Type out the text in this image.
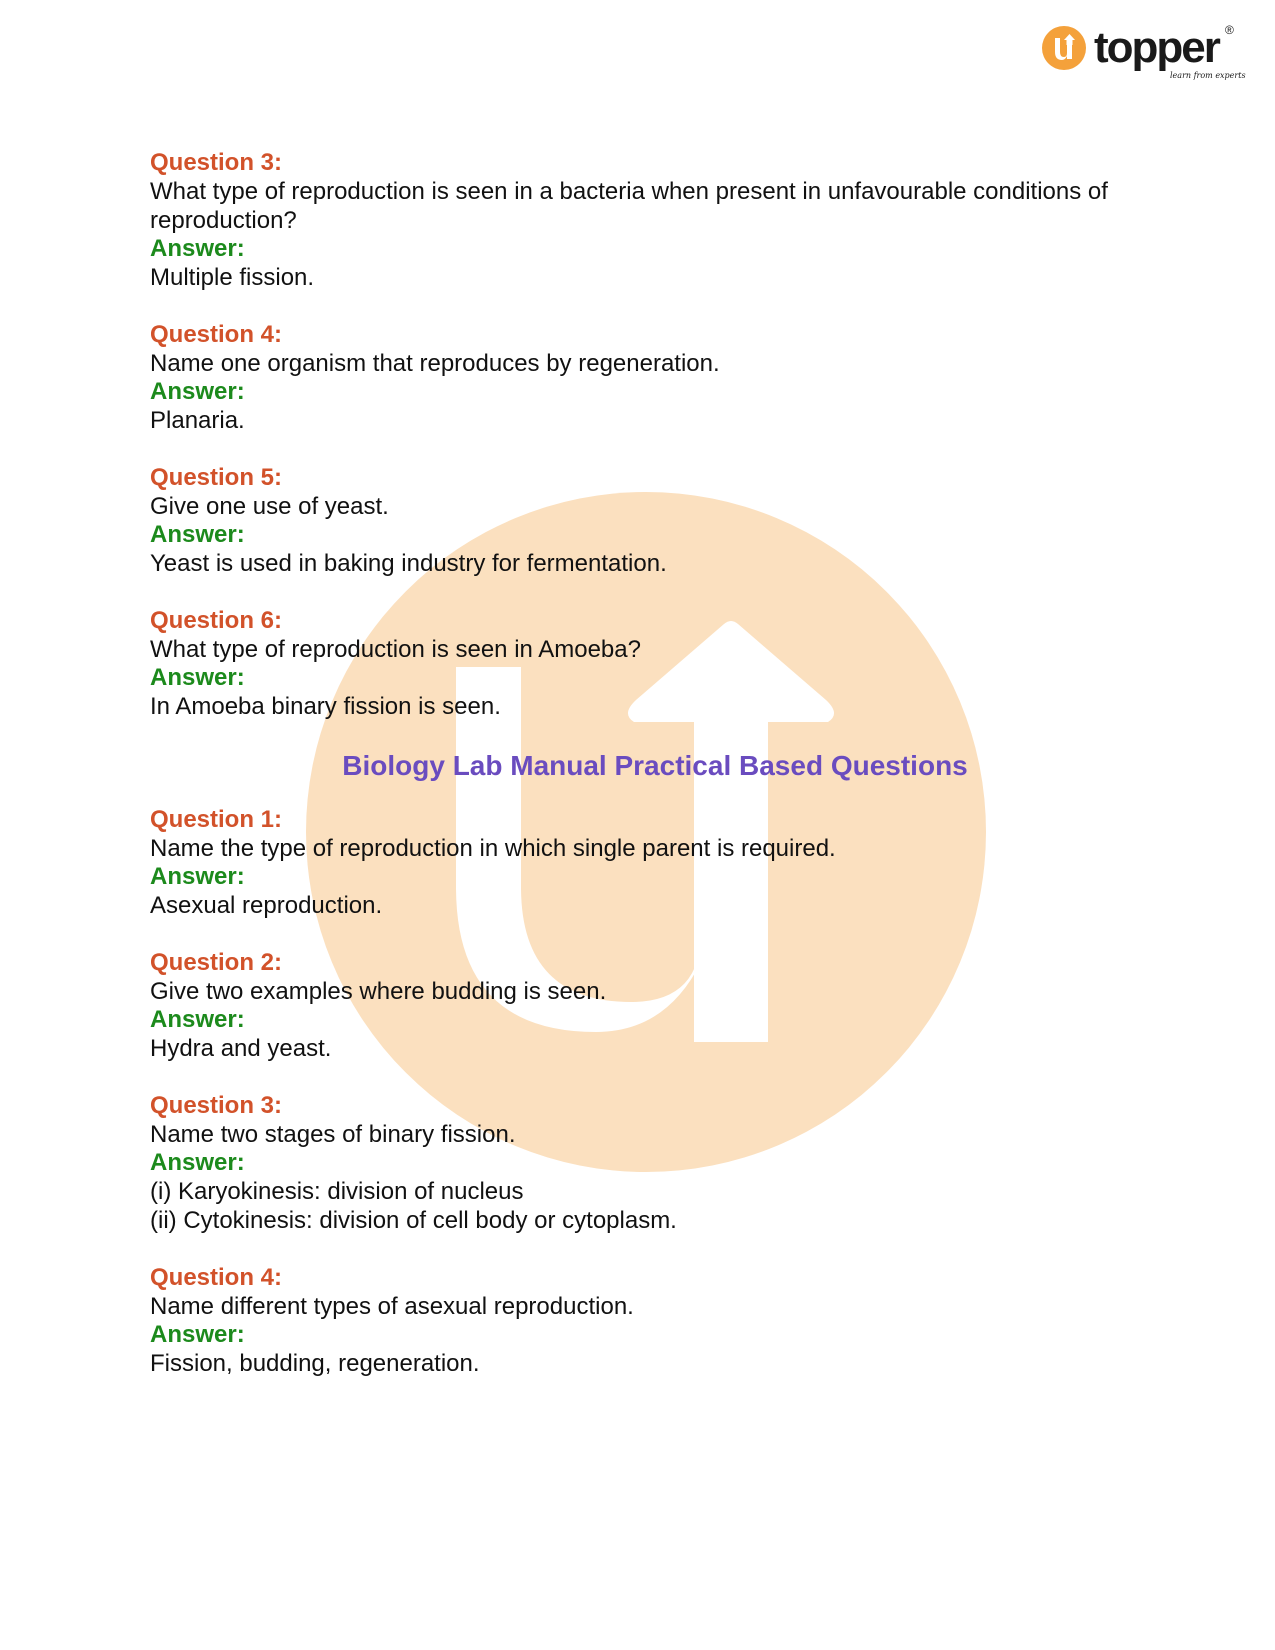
U topper ®
learn from experts
Question 3:
What type of reproduction is seen in a bacteria when present in unfavourable conditions of reproduction?
Answer:
Multiple fission.
Question 4:
Name one organism that reproduces by regeneration.
Answer:
Planaria.
Question 5:
Give one use of yeast.
Answer:
Yeast is used in baking industry for fermentation.
Question 6:
What type of reproduction is seen in Amoeba?
Answer:
In Amoeba binary fission is seen.
Biology Lab Manual Practical Based Questions
Question 1:
Name the type of reproduction in which single parent is required.
Answer:
Asexual reproduction.
Question 2:
Give two examples where budding is seen.
Answer:
Hydra and yeast.
Question 3:
Name two stages of binary fission.
Answer:
(i) Karyokinesis: division of nucleus
(ii) Cytokinesis: division of cell body or cytoplasm.
Question 4:
Name different types of asexual reproduction.
Answer:
Fission, budding, regeneration.
